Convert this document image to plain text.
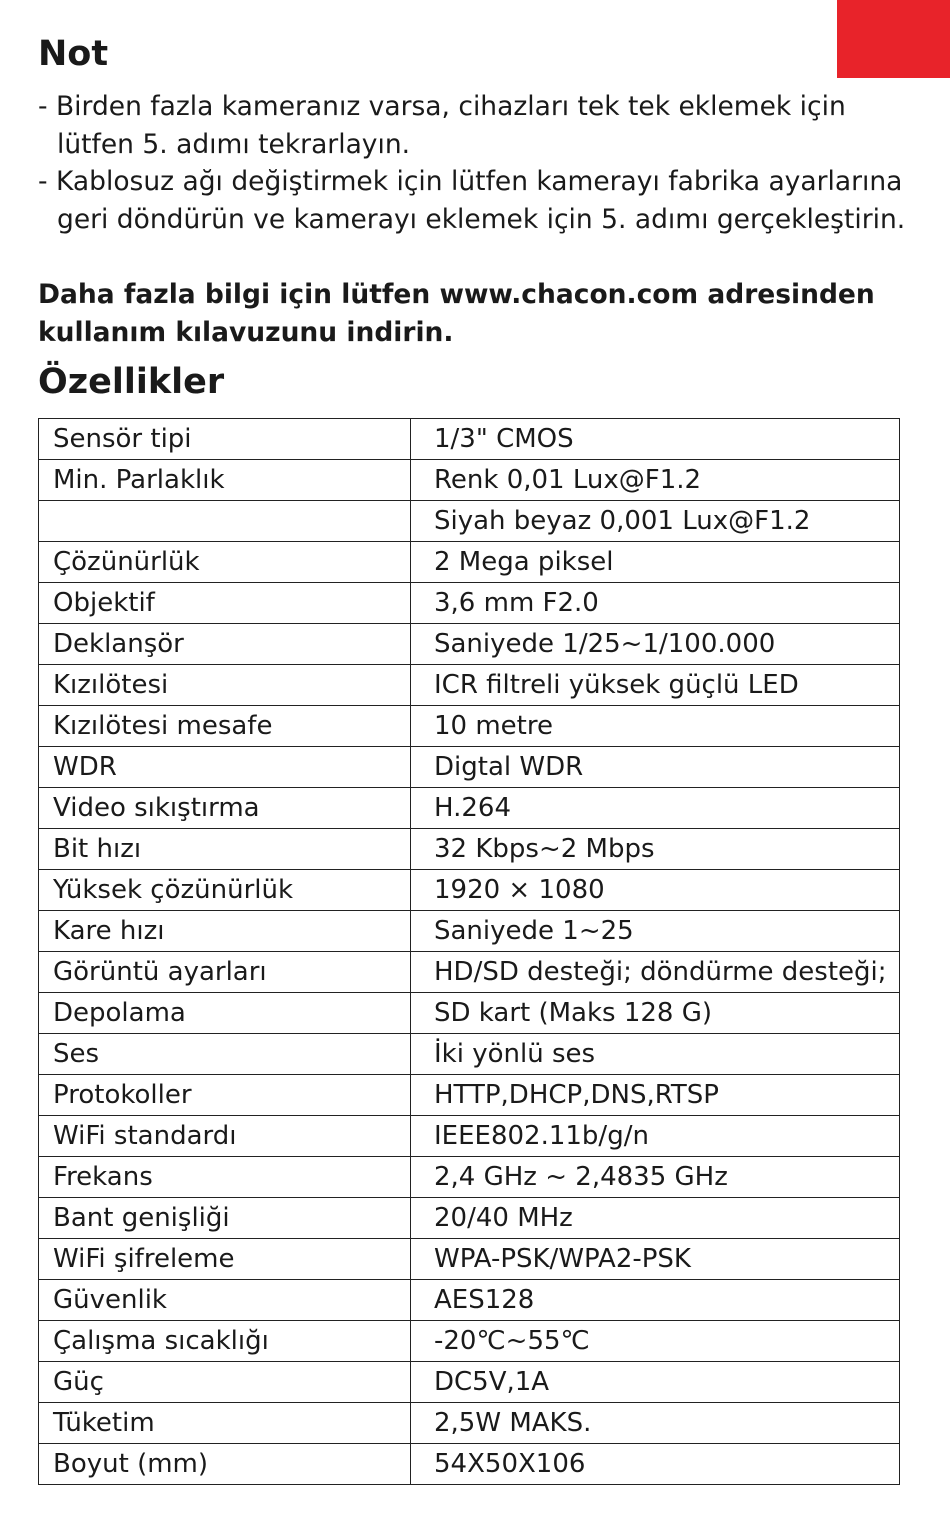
Not
- Birden fazla kameranız varsa, cihazları tek tek eklemek için lütfen 5. adımı tekrarlayın.
- Kablosuz ağı değiştirmek için lütfen kamerayı fabrika ayarlarına geri döndürün ve kamerayı eklemek için 5. adımı gerçekleştirin.

Daha fazla bilgi için lütfen www.chacon.com adresinden kullanım kılavuzunu indirin.

Özellikler
Sensör tipi	1/3" CMOS
Min. Parlaklık	Renk 0,01 Lux@F1.2
	Siyah beyaz 0,001 Lux@F1.2
Çözünürlük	2 Mega piksel
Objektif	3,6 mm F2.0
Deklanşör	Saniyede 1/25~1/100.000
Kızılötesi	ICR filtreli yüksek güçlü LED
Kızılötesi mesafe	10 metre
WDR	Digtal WDR
Video sıkıştırma	H.264
Bit hızı	32 Kbps~2 Mbps
Yüksek çözünürlük	1920 × 1080
Kare hızı	Saniyede 1~25
Görüntü ayarları	HD/SD desteği; döndürme desteği;
Depolama	SD kart (Maks 128 G)
Ses	İki yönlü ses
Protokoller	HTTP,DHCP,DNS,RTSP
WiFi standardı	IEEE802.11b/g/n
Frekans	2,4 GHz ~ 2,4835 GHz
Bant genişliği	20/40 MHz
WiFi şifreleme	WPA-PSK/WPA2-PSK
Güvenlik	AES128
Çalışma sıcaklığı	-20℃~55℃
Güç	DC5V,1A
Tüketim	2,5W MAKS.
Boyut (mm)	54X50X106
